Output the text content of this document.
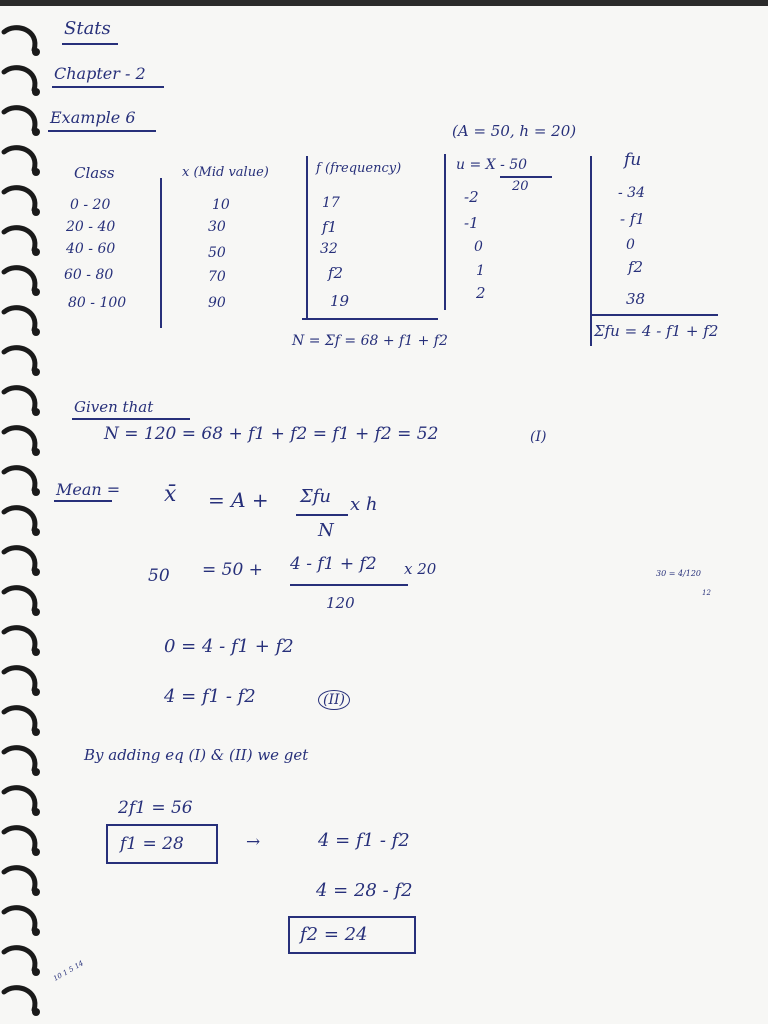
Stats
Chapter - 2
Example 6
(A = 50, h = 20)
Class	x (Mid value)	f (frequency)	u = X - 50
20
fu
0 - 20	10	17	-2	- 34
20 - 40	30	f1	-1	- f1
40 - 60	50	32	0	0
60 - 80	70	f2	1	f2
80 - 100	90	19	2	38
N = Σf = 68 + f1 + f2
Σfu = 4 - f1 + f2
Given that
N = 120 = 68 + f1 + f2 = f1 + f2 = 52	(I)
Mean = x̄ = A + Σfu x h
N
50 = 50 + 4 - f1 + f2 x 20
120
30 = 4/120
12
0 = 4 - f1 + f2
4 = f1 - f2	(II)
By adding eq (I) & (II) we get
2f1 = 56
f1 = 28	→	4 = f1 - f2
4 = 28 - f2
f2 = 24
10 1 5 14
